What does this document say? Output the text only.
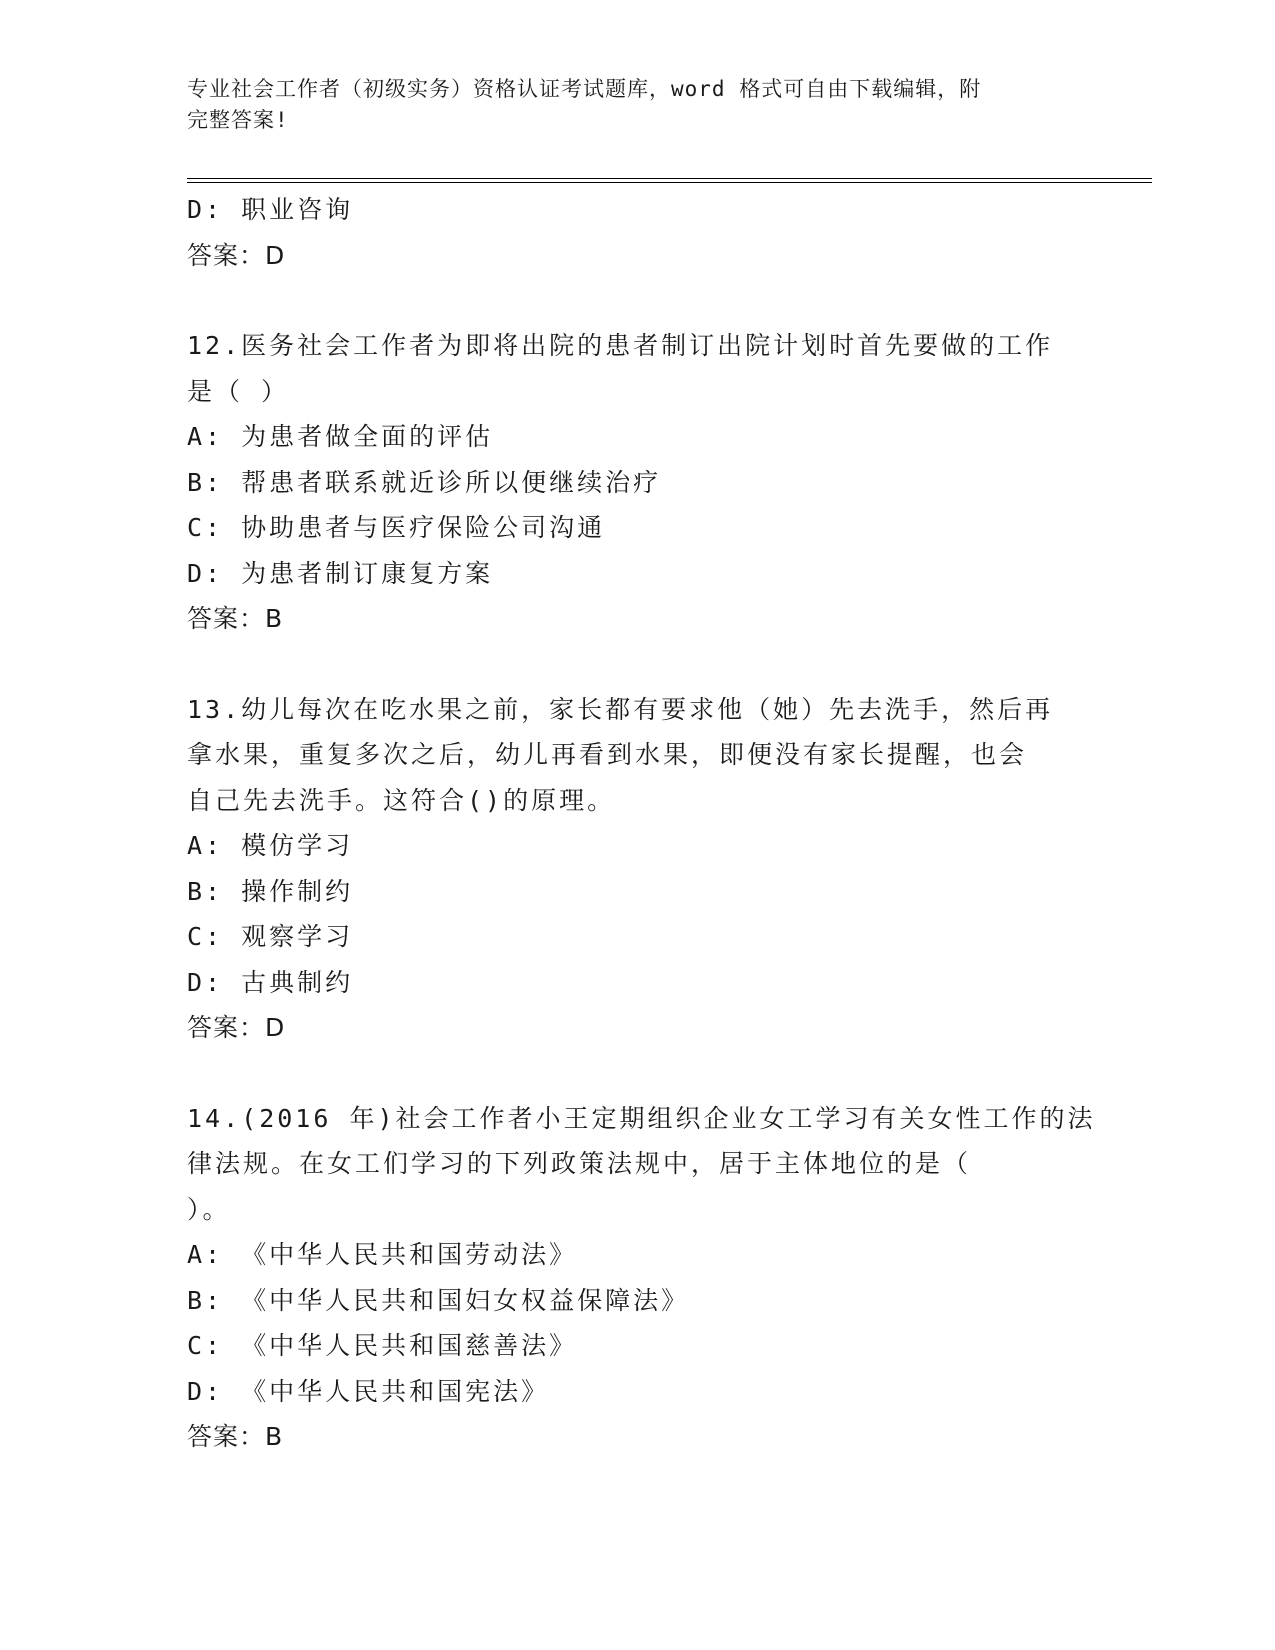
专业社会工作者（初级实务）资格认证考试题库，word 格式可自由下载编辑，附
完整答案!
D: 职业咨询
答案：D
12.医务社会工作者为即将出院的患者制订出院计划时首先要做的工作
是（ ）
A: 为患者做全面的评估
B: 帮患者联系就近诊所以便继续治疗
C: 协助患者与医疗保险公司沟通
D: 为患者制订康复方案
答案：B
13.幼儿每次在吃水果之前，家长都有要求他（她）先去洗手，然后再
拿水果，重复多次之后，幼儿再看到水果，即便没有家长提醒，也会
自己先去洗手。这符合()的原理。
A: 模仿学习
B: 操作制约
C: 观察学习
D: 古典制约
答案：D
14.(2016 年)社会工作者小王定期组织企业女工学习有关女性工作的法
律法规。在女工们学习的下列政策法规中，居于主体地位的是（
）。
A: 《中华人民共和国劳动法》
B: 《中华人民共和国妇女权益保障法》
C: 《中华人民共和国慈善法》
D: 《中华人民共和国宪法》
答案：B
